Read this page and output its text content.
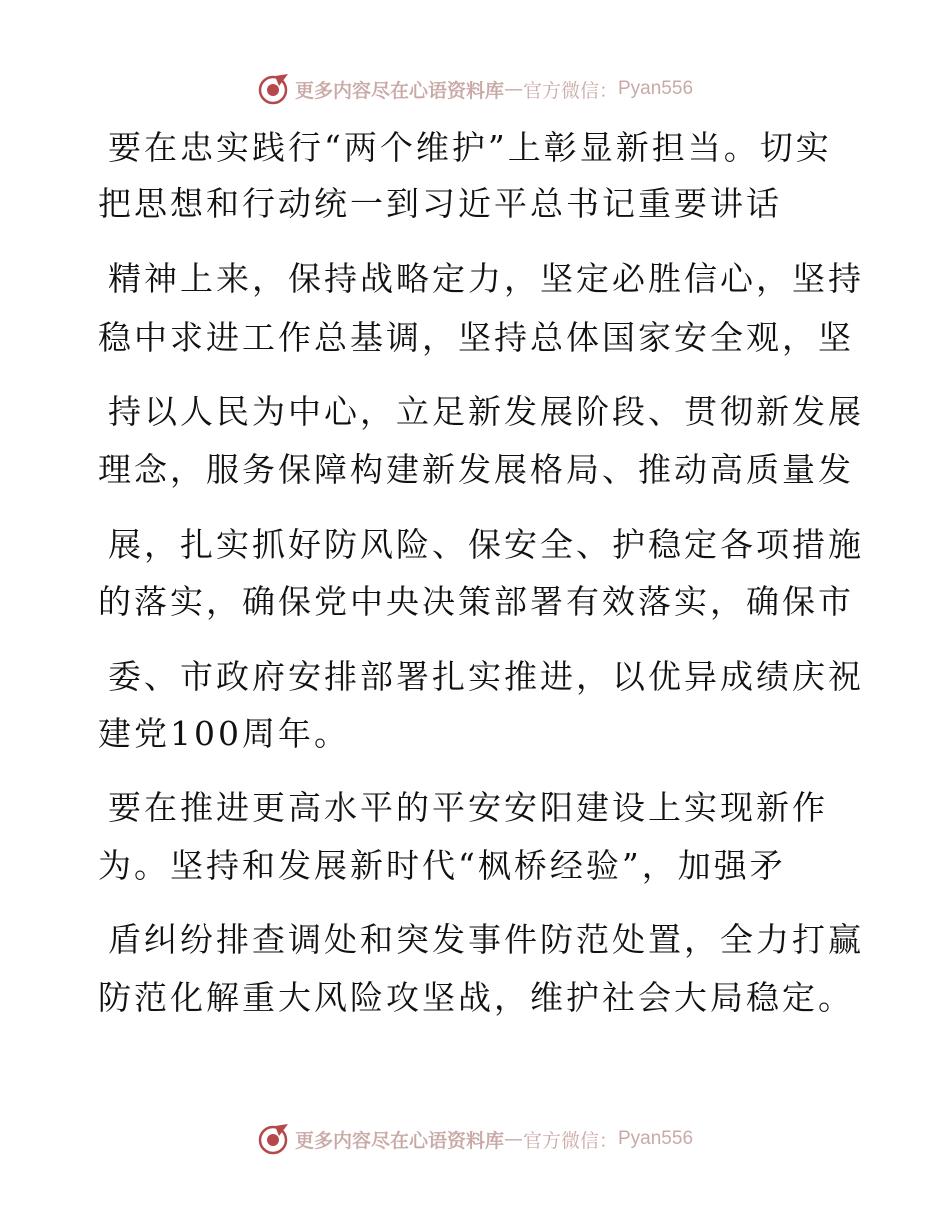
更多内容尽在心语资料库 — 官方微信： Pyan556
要在忠实践行“两个维护”上彰显新担当。切实
把思想和行动统一到习近平总书记重要讲话
精神上来，保持战略定力，坚定必胜信心，坚持
稳中求进工作总基调，坚持总体国家安全观，坚
持以人民为中心，立足新发展阶段、贯彻新发展
理念，服务保障构建新发展格局、推动高质量发
展，扎实抓好防风险、保安全、护稳定各项措施
的落实，确保党中央决策部署有效落实，确保市
委、市政府安排部署扎实推进，以优异成绩庆祝
建党100周年。
要在推进更高水平的平安安阳建设上实现新作
为。坚持和发展新时代“枫桥经验”，加强矛
盾纠纷排查调处和突发事件防范处置，全力打赢
防范化解重大风险攻坚战，维护社会大局稳定。
更多内容尽在心语资料库 — 官方微信： Pyan556
